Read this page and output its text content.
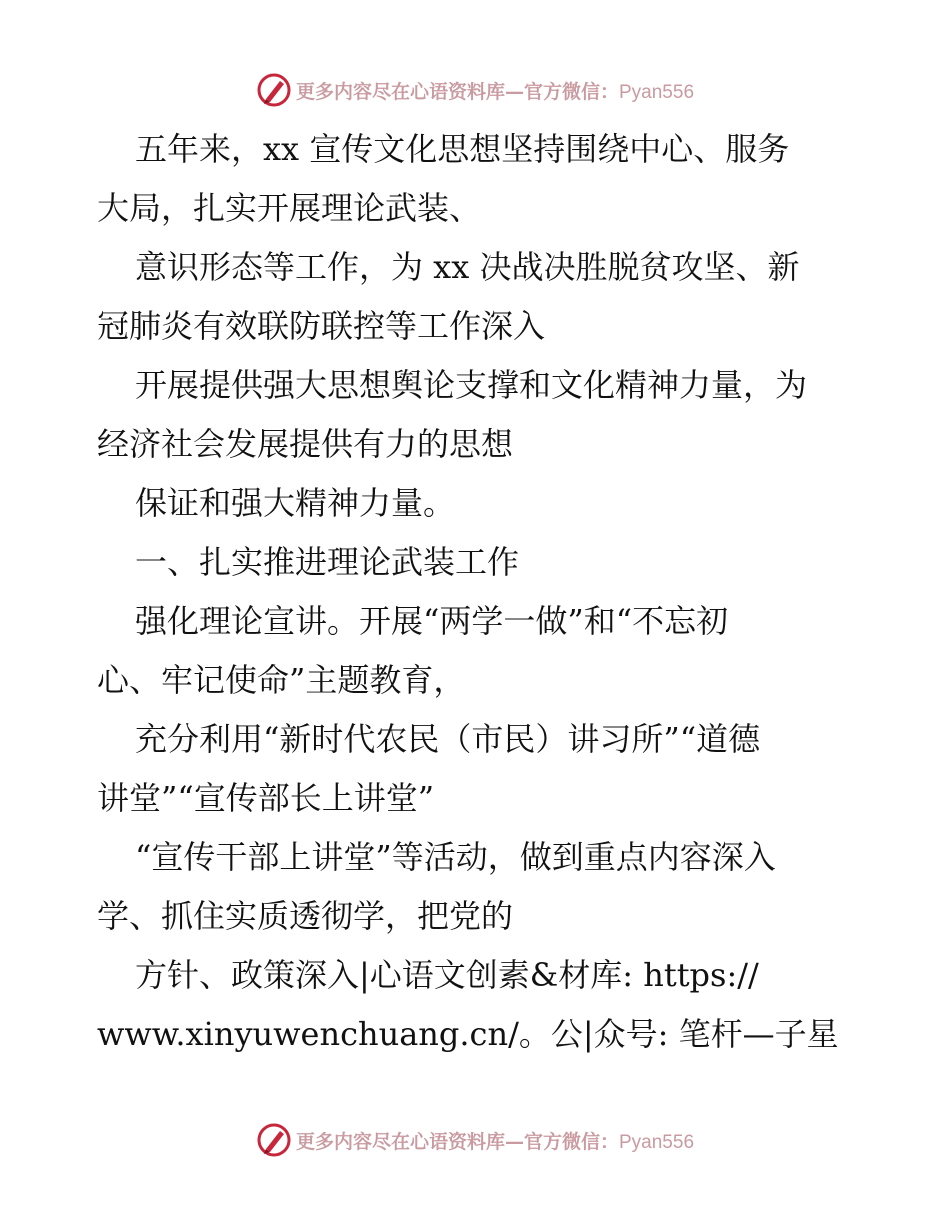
更多内容尽在心语资料库—官方微信：Pyan556
五年来，xx 宣传文化思想坚持围绕中心、服务
大局，扎实开展理论武装、
意识形态等工作，为 xx 决战决胜脱贫攻坚、新
冠肺炎有效联防联控等工作深入
开展提供强大思想舆论支撑和文化精神力量，为
经济社会发展提供有力的思想
保证和强大精神力量。
一、扎实推进理论武装工作
强化理论宣讲。开展“两学一做”和“不忘初
心、牢记使命”主题教育，
充分利用“新时代农民（市民）讲习所”“道德
讲堂”“宣传部长上讲堂”
“宣传干部上讲堂”等活动，做到重点内容深入
学、抓住实质透彻学，把党的
方针、政策深入|心语文创素&材库: https://
www.xinyuwenchuang.cn/。公|众号: 笔杆—子星
更多内容尽在心语资料库—官方微信：Pyan556
